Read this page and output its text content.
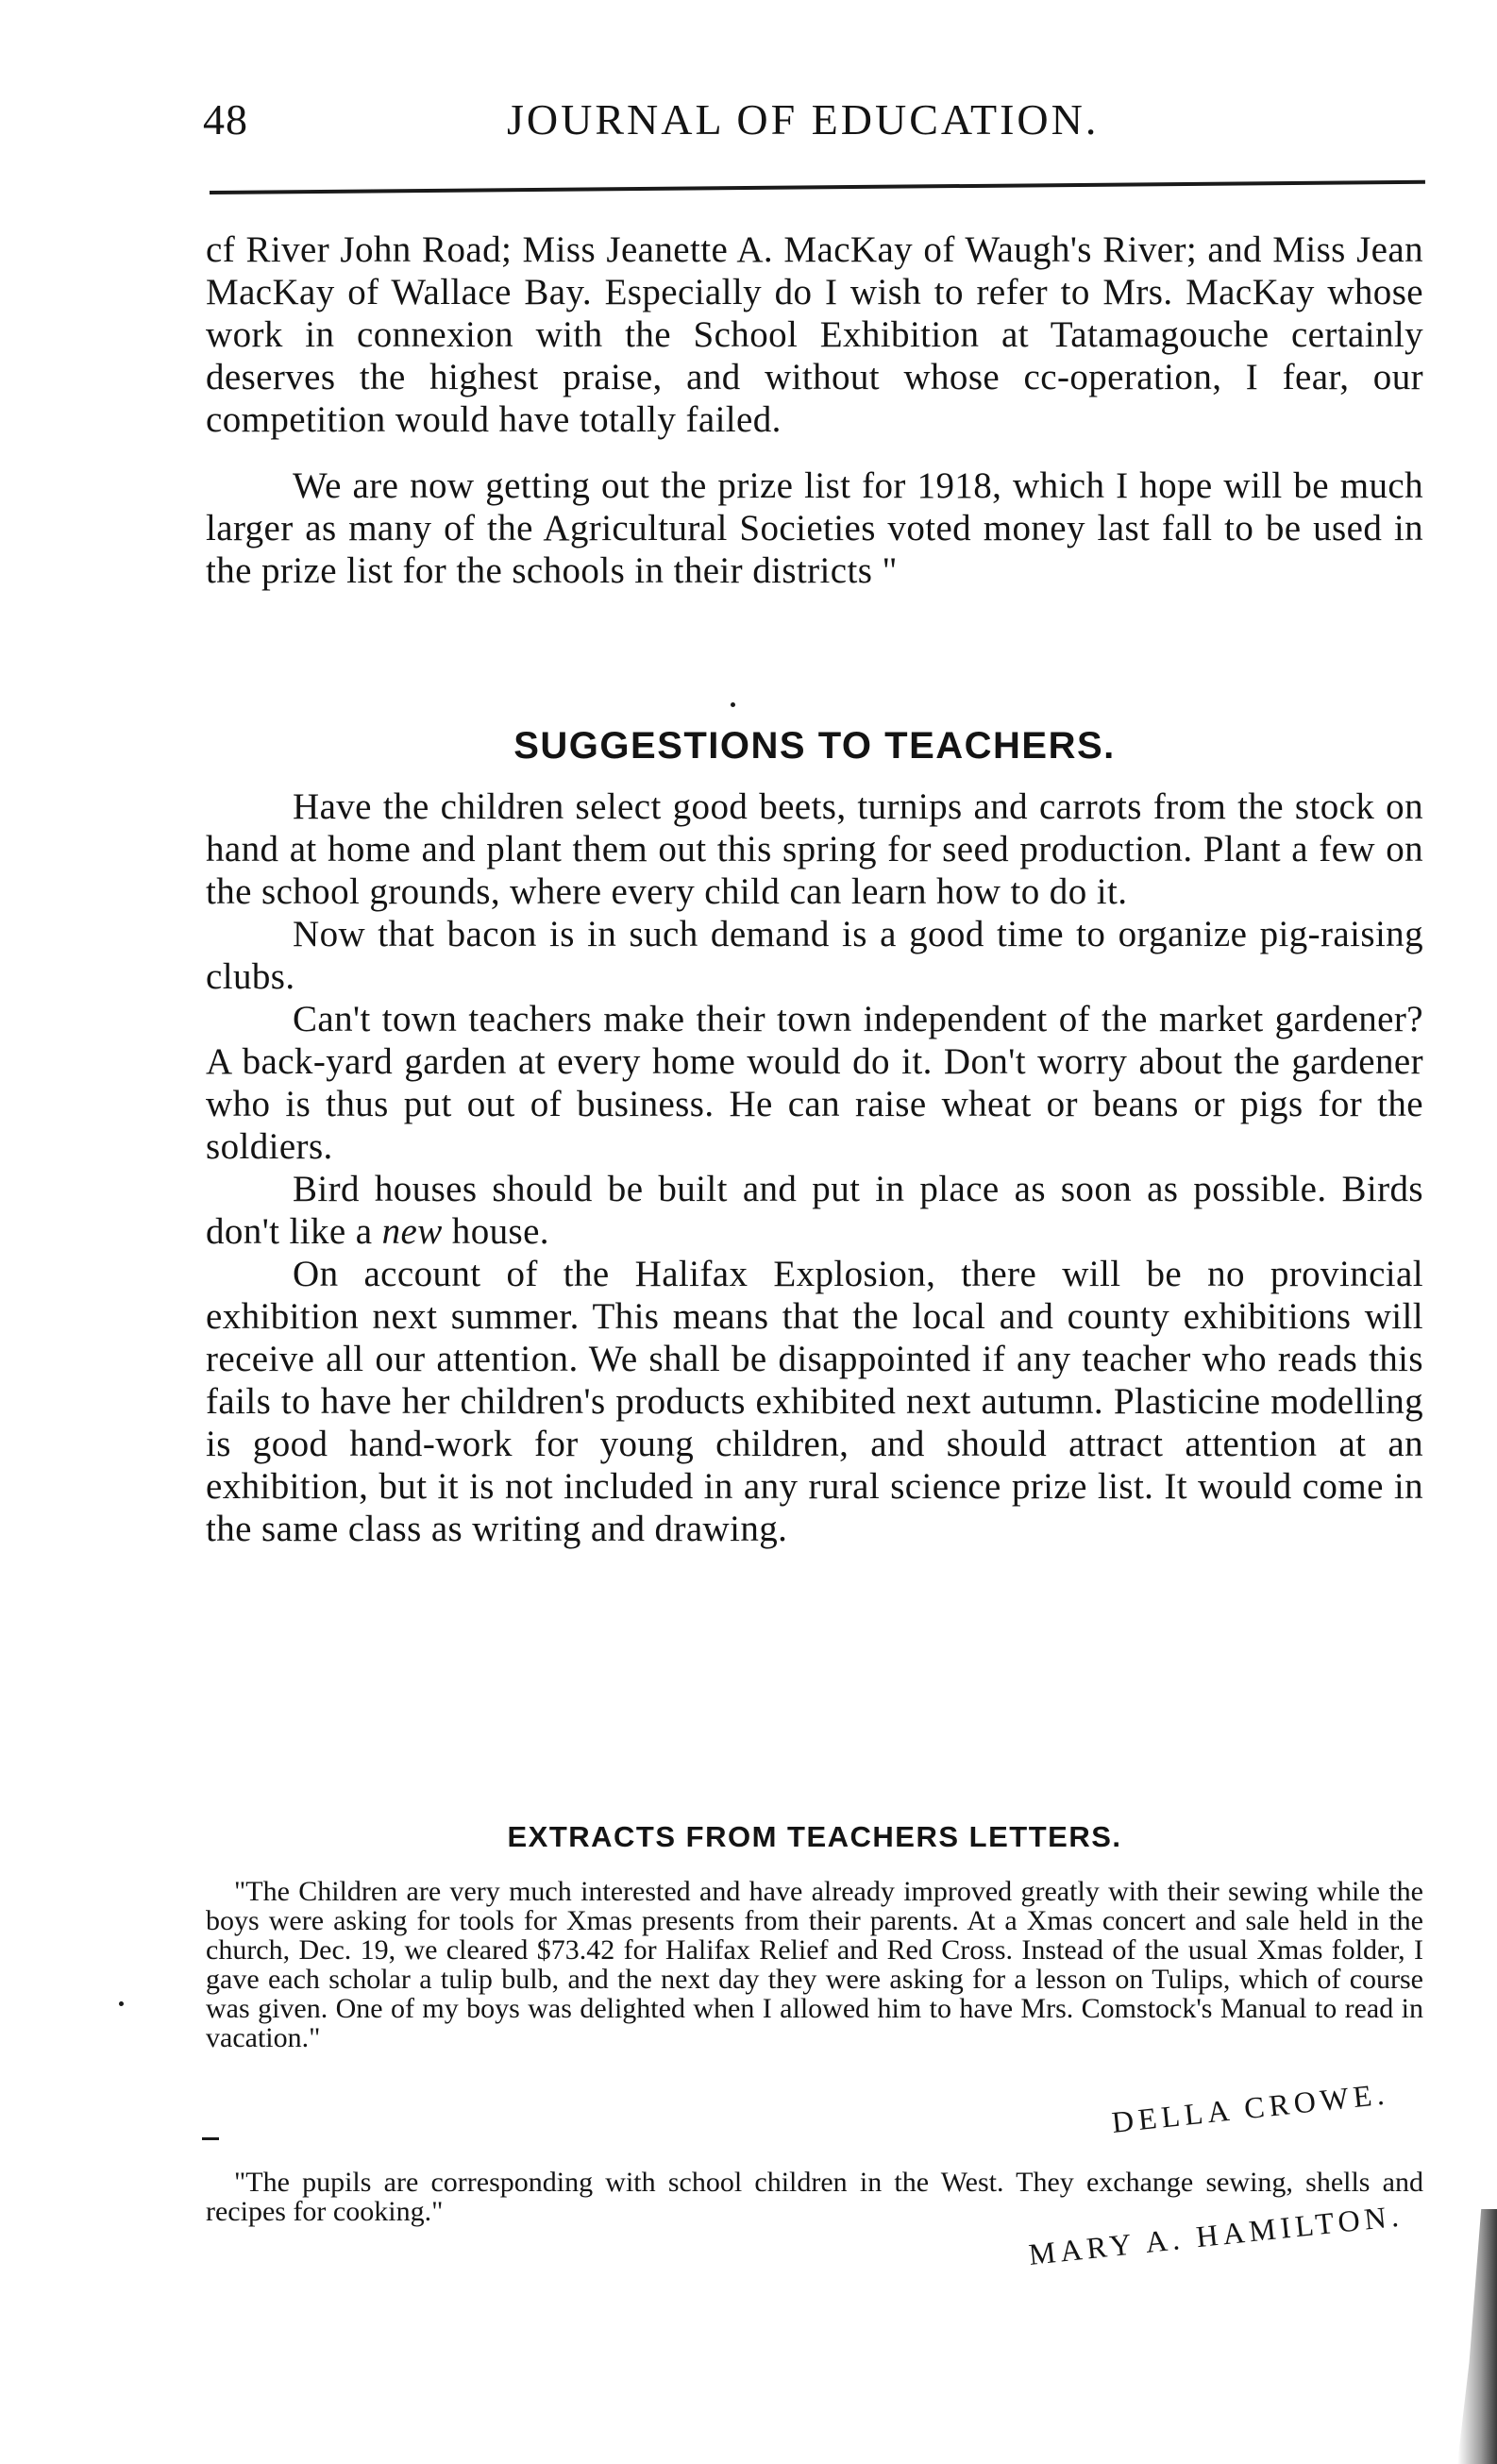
48	JOURNAL OF EDUCATION.

cf River John Road; Miss Jeanette A. MacKay of Waugh's River; and Miss Jean MacKay of Wallace Bay. Especially do I wish to refer to Mrs. MacKay whose work in connexion with the School Exhibition at Tatamagouche certainly deserves the highest praise, and without whose cc-operation, I fear, our competition would have totally failed.

We are now getting out the prize list for 1918, which I hope will be much larger as many of the Agricultural Societies voted money last fall to be used in the prize list for the schools in their districts "

SUGGESTIONS TO TEACHERS.

Have the children select good beets, turnips and carrots from the stock on hand at home and plant them out this spring for seed production. Plant a few on the school grounds, where every child can learn how to do it.

Now that bacon is in such demand is a good time to organize pig-raising clubs.

Can't town teachers make their town independent of the market gardener? A back-yard garden at every home would do it. Don't worry about the gardener who is thus put out of business. He can raise wheat or beans or pigs for the soldiers.

Bird houses should be built and put in place as soon as possible. Birds don't like a new house.

On account of the Halifax Explosion, there will be no provincial exhibition next summer. This means that the local and county exhibitions will receive all our attention. We shall be disappointed if any teacher who reads this fails to have her children's products exhibited next autumn. Plasticine modelling is good hand-work for young children, and should attract attention at an exhibition, but it is not included in any rural science prize list. It would come in the same class as writing and drawing.

EXTRACTS FROM TEACHERS LETTERS.

"The Children are very much interested and have already improved greatly with their sewing while the boys were asking for tools for Xmas presents from their parents. At a Xmas concert and sale held in the church, Dec. 19, we cleared $73.42 for Halifax Relief and Red Cross. Instead of the usual Xmas folder, I gave each scholar a tulip bulb, and the next day they were asking for a lesson on Tulips, which of course was given. One of my boys was delighted when I allowed him to have Mrs. Comstock's Manual to read in vacation."

DELLA CROWE.

"The pupils are corresponding with school children in the West. They exchange sewing, shells and recipes for cooking."	MARY A. HAMILTON.
